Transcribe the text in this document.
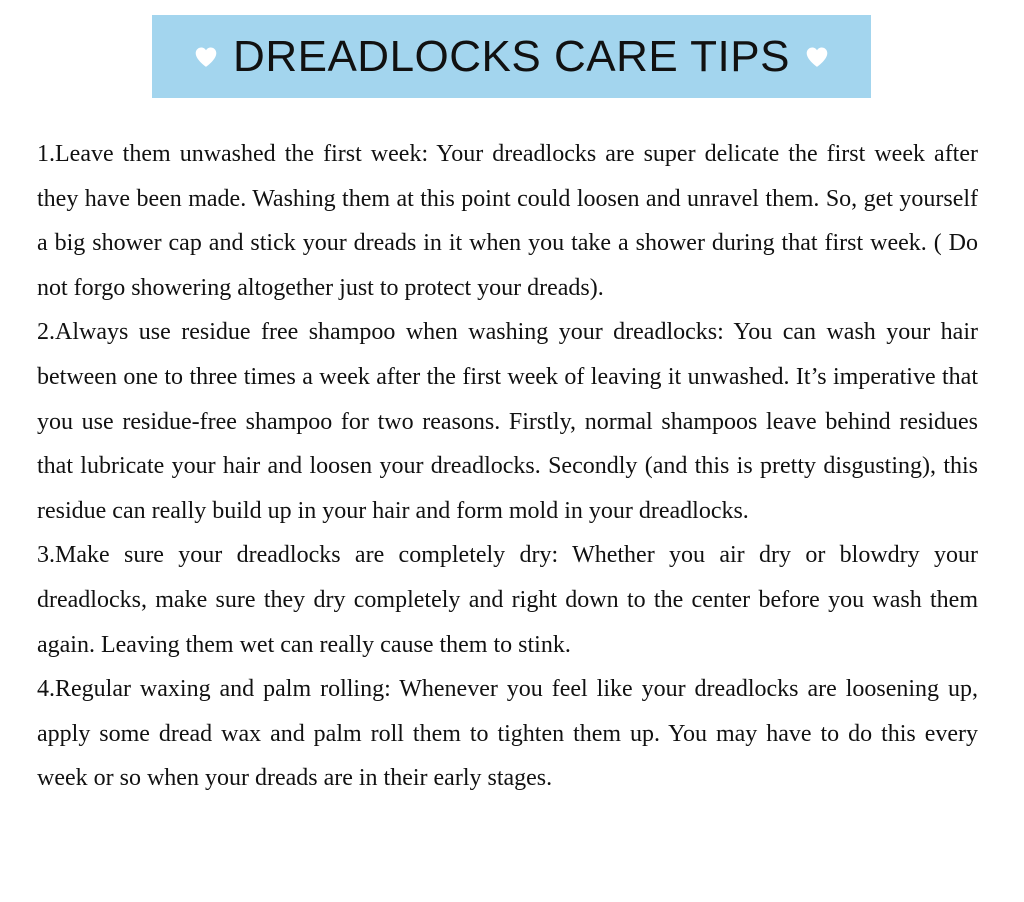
DREADLOCKS CARE TIPS

1.Leave them unwashed the first week: Your dreadlocks are super delicate the first week after they have been made. Washing them at this point could loosen and unravel them. So, get yourself a big shower cap and stick your dreads in it when you take a shower during that first week. ( Do not forgo showering altogether just to protect your dreads).

2.Always use residue free shampoo when washing your dreadlocks: You can wash your hair between one to three times a week after the first week of leaving it unwashed. It’s imperative that you use residue-free shampoo for two reasons. Firstly, normal shampoos leave behind residues that lubricate your hair and loosen your dreadlocks. Secondly (and this is pretty disgusting), this residue can really build up in your hair and form mold in your dreadlocks.

3.Make sure your dreadlocks are completely dry: Whether you air dry or blowdry your dreadlocks, make sure they dry completely and right down to the center before you wash them again. Leaving them wet can really cause them to stink.

4.Regular waxing and palm rolling: Whenever you feel like your dreadlocks are loosening up, apply some dread wax and palm roll them to tighten them up. You may have to do this every week or so when your dreads are in their early stages.
